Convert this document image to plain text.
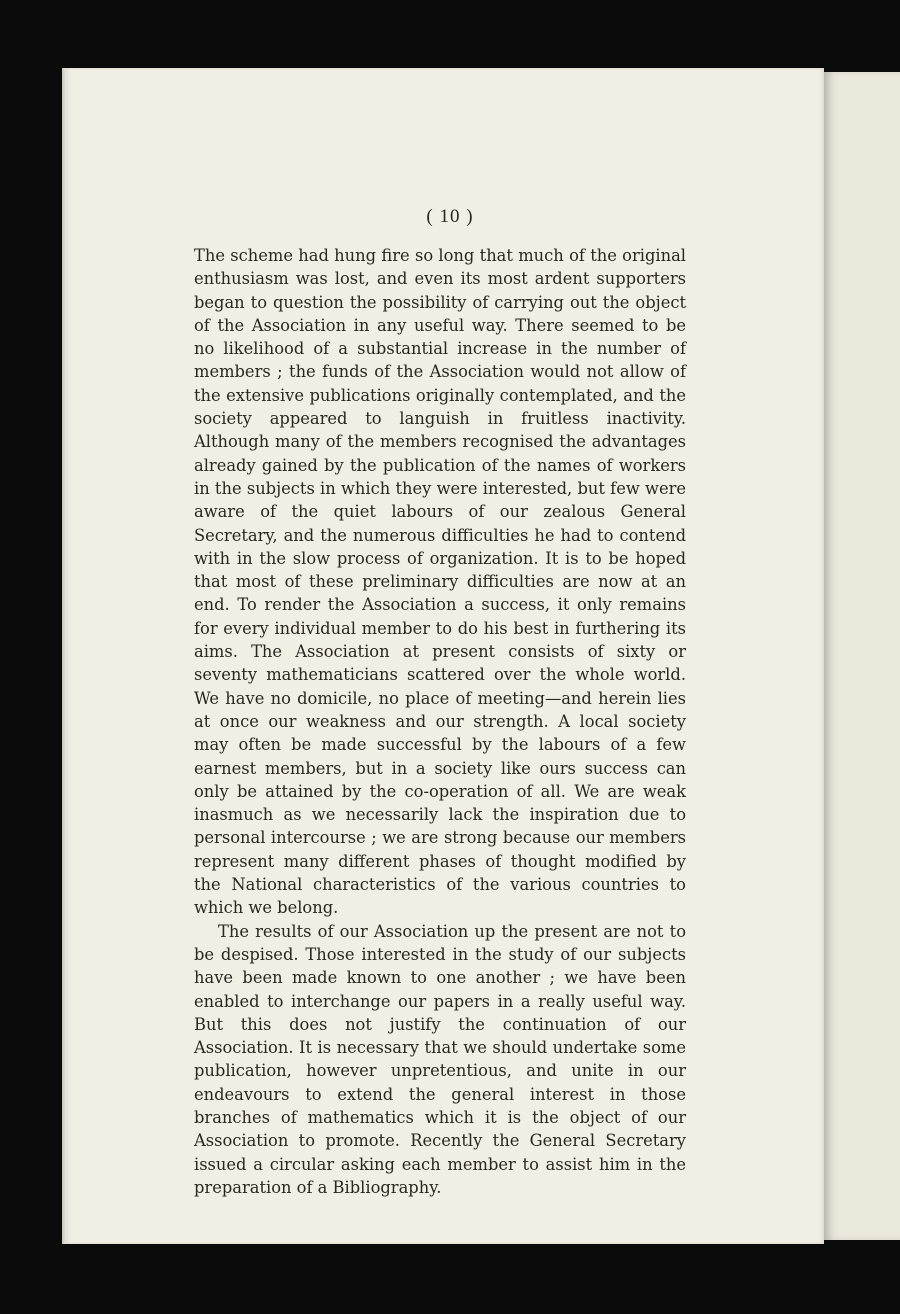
( 10 )

The scheme had hung fire so long that much of the original enthusiasm was lost, and even its most ardent supporters began to question the possibility of carrying out the object of the Association in any useful way. There seemed to be no likelihood of a substantial increase in the number of members ; the funds of the Association would not allow of the extensive publications originally contemplated, and the society appeared to languish in fruitless inactivity. Although many of the members recognised the advantages already gained by the publication of the names of workers in the subjects in which they were interested, but few were aware of the quiet labours of our zealous General Secretary, and the numerous difficulties he had to contend with in the slow process of organization. It is to be hoped that most of these preliminary difficulties are now at an end. To render the Association a success, it only remains for every individual member to do his best in furthering its aims. The Association at present consists of sixty or seventy mathematicians scattered over the whole world. We have no domicile, no place of meeting—and herein lies at once our weakness and our strength. A local society may often be made successful by the labours of a few earnest members, but in a society like ours success can only be attained by the co-operation of all. We are weak inasmuch as we necessarily lack the inspiration due to personal intercourse ; we are strong because our members represent many different phases of thought modified by the National characteristics of the various countries to which we belong.

The results of our Association up the present are not to be despised. Those interested in the study of our subjects have been made known to one another ; we have been enabled to interchange our papers in a really useful way. But this does not justify the continuation of our Association. It is necessary that we should undertake some publication, however unpretentious, and unite in our endeavours to extend the general interest in those branches of mathematics which it is the object of our Association to promote. Recently the General Secretary issued a circular asking each member to assist him in the preparation of a Bibliography.
